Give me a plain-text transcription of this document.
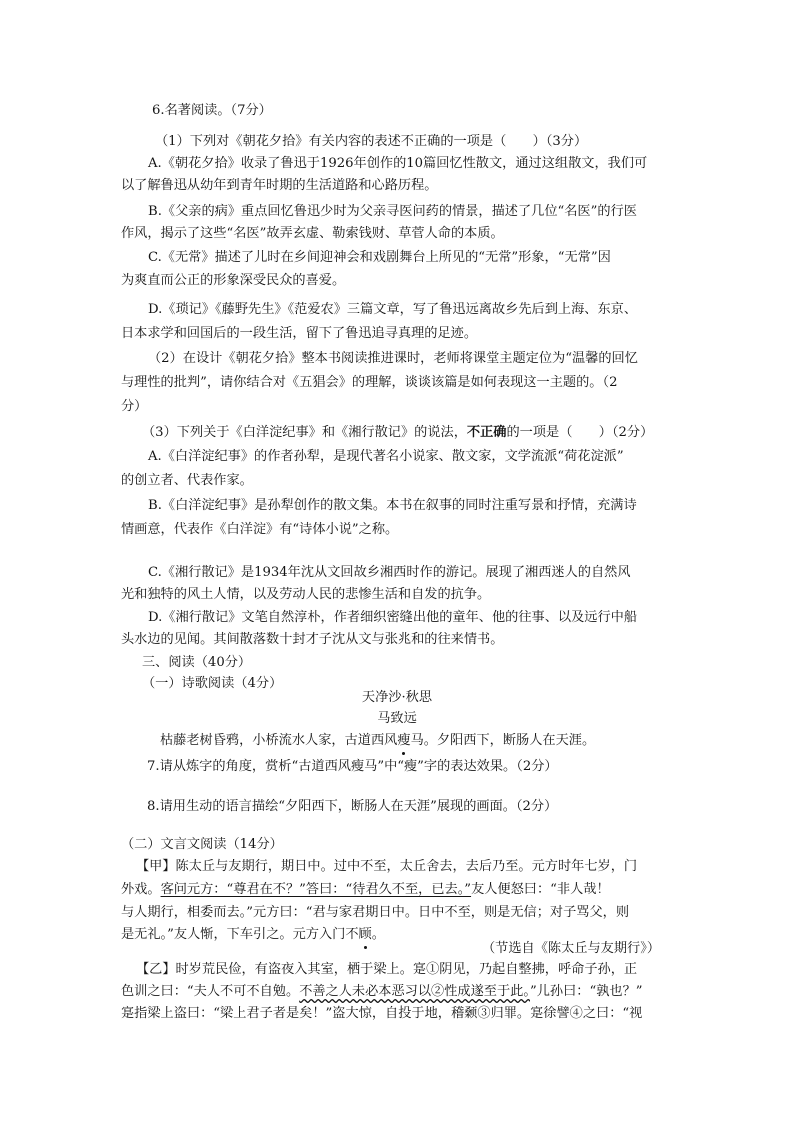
6.名著阅读。（7分）
（1）下列对《朝花夕拾》有关内容的表述不正确的一项是（　　）（3分）
A.《朝花夕拾》收录了鲁迅于1926年创作的10篇回忆性散文，通过这组散文，我们可
以了解鲁迅从幼年到青年时期的生活道路和心路历程。
B.《父亲的病》重点回忆鲁迅少时为父亲寻医问药的情景，描述了几位“名医”的行医
作风，揭示了这些“名医”故弄玄虚、勒索钱财、草菅人命的本质。
C.《无常》描述了儿时在乡间迎神会和戏剧舞台上所见的“无常”形象，“无常”因
为爽直而公正的形象深受民众的喜爱。
D.《琐记》《藤野先生》《范爱农》三篇文章，写了鲁迅远离故乡先后到上海、东京、
日本求学和回国后的一段生活，留下了鲁迅追寻真理的足迹。
（2）在设计《朝花夕拾》整本书阅读推进课时，老师将课堂主题定位为“温馨的回忆
与理性的批判”，请你结合对《五猖会》的理解，谈谈该篇是如何表现这一主题的。（2
分）
（3）下列关于《白洋淀纪事》和《湘行散记》的说法，不正确的一项是（　　）（2分）
A.《白洋淀纪事》的作者孙犁，是现代著名小说家、散文家，文学流派“荷花淀派”
的创立者、代表作家。
B.《白洋淀纪事》是孙犁创作的散文集。本书在叙事的同时注重写景和抒情，充满诗
情画意，代表作《白洋淀》有“诗体小说”之称。
C.《湘行散记》是1934年沈从文回故乡湘西时作的游记。展现了湘西迷人的自然风
光和独特的风土人情，以及劳动人民的悲惨生活和自发的抗争。
D.《湘行散记》文笔自然淳朴，作者细织密缝出他的童年、他的往事、以及远行中船
头水边的见闻。其间散落数十封才子沈从文与张兆和的往来情书。
三、阅读（40分）
（一）诗歌阅读（4分）
天净沙·秋思
马致远
枯藤老树昏鸦，小桥流水人家，古道西风瘦马。夕阳西下，断肠人在天涯。
7.请从炼字的角度，赏析“古道西风瘦马”中“瘦”字的表达效果。（2分）
8.请用生动的语言描绘“夕阳西下，断肠人在天涯”展现的画面。（2分）
（二）文言文阅读（14分）
【甲】陈太丘与友期行，期日中。过中不至，太丘舍去，去后乃至。元方时年七岁，门
外戏。客问元方：“尊君在不？”答曰：“待君久不至，已去。”友人便怒曰：“非人哉！
与人期行，相委而去。”元方曰：“君与家君期日中。日中不至，则是无信；对子骂父，则
是无礼。”友人惭，下车引之。元方入门不顾。
（节选自《陈太丘与友期行》）
【乙】时岁荒民俭，有盗夜入其室，栖于梁上。寔①阴见，乃起自整拂，呼命子孙，正
色训之曰：“夫人不可不自勉。不善之人未必本恶习以②性成遂至于此。”儿孙曰：“孰也？”
寔指梁上盗曰：“梁上君子者是矣！”盗大惊，自投于地，稽颡③归罪。寔徐譬④之曰：“视
